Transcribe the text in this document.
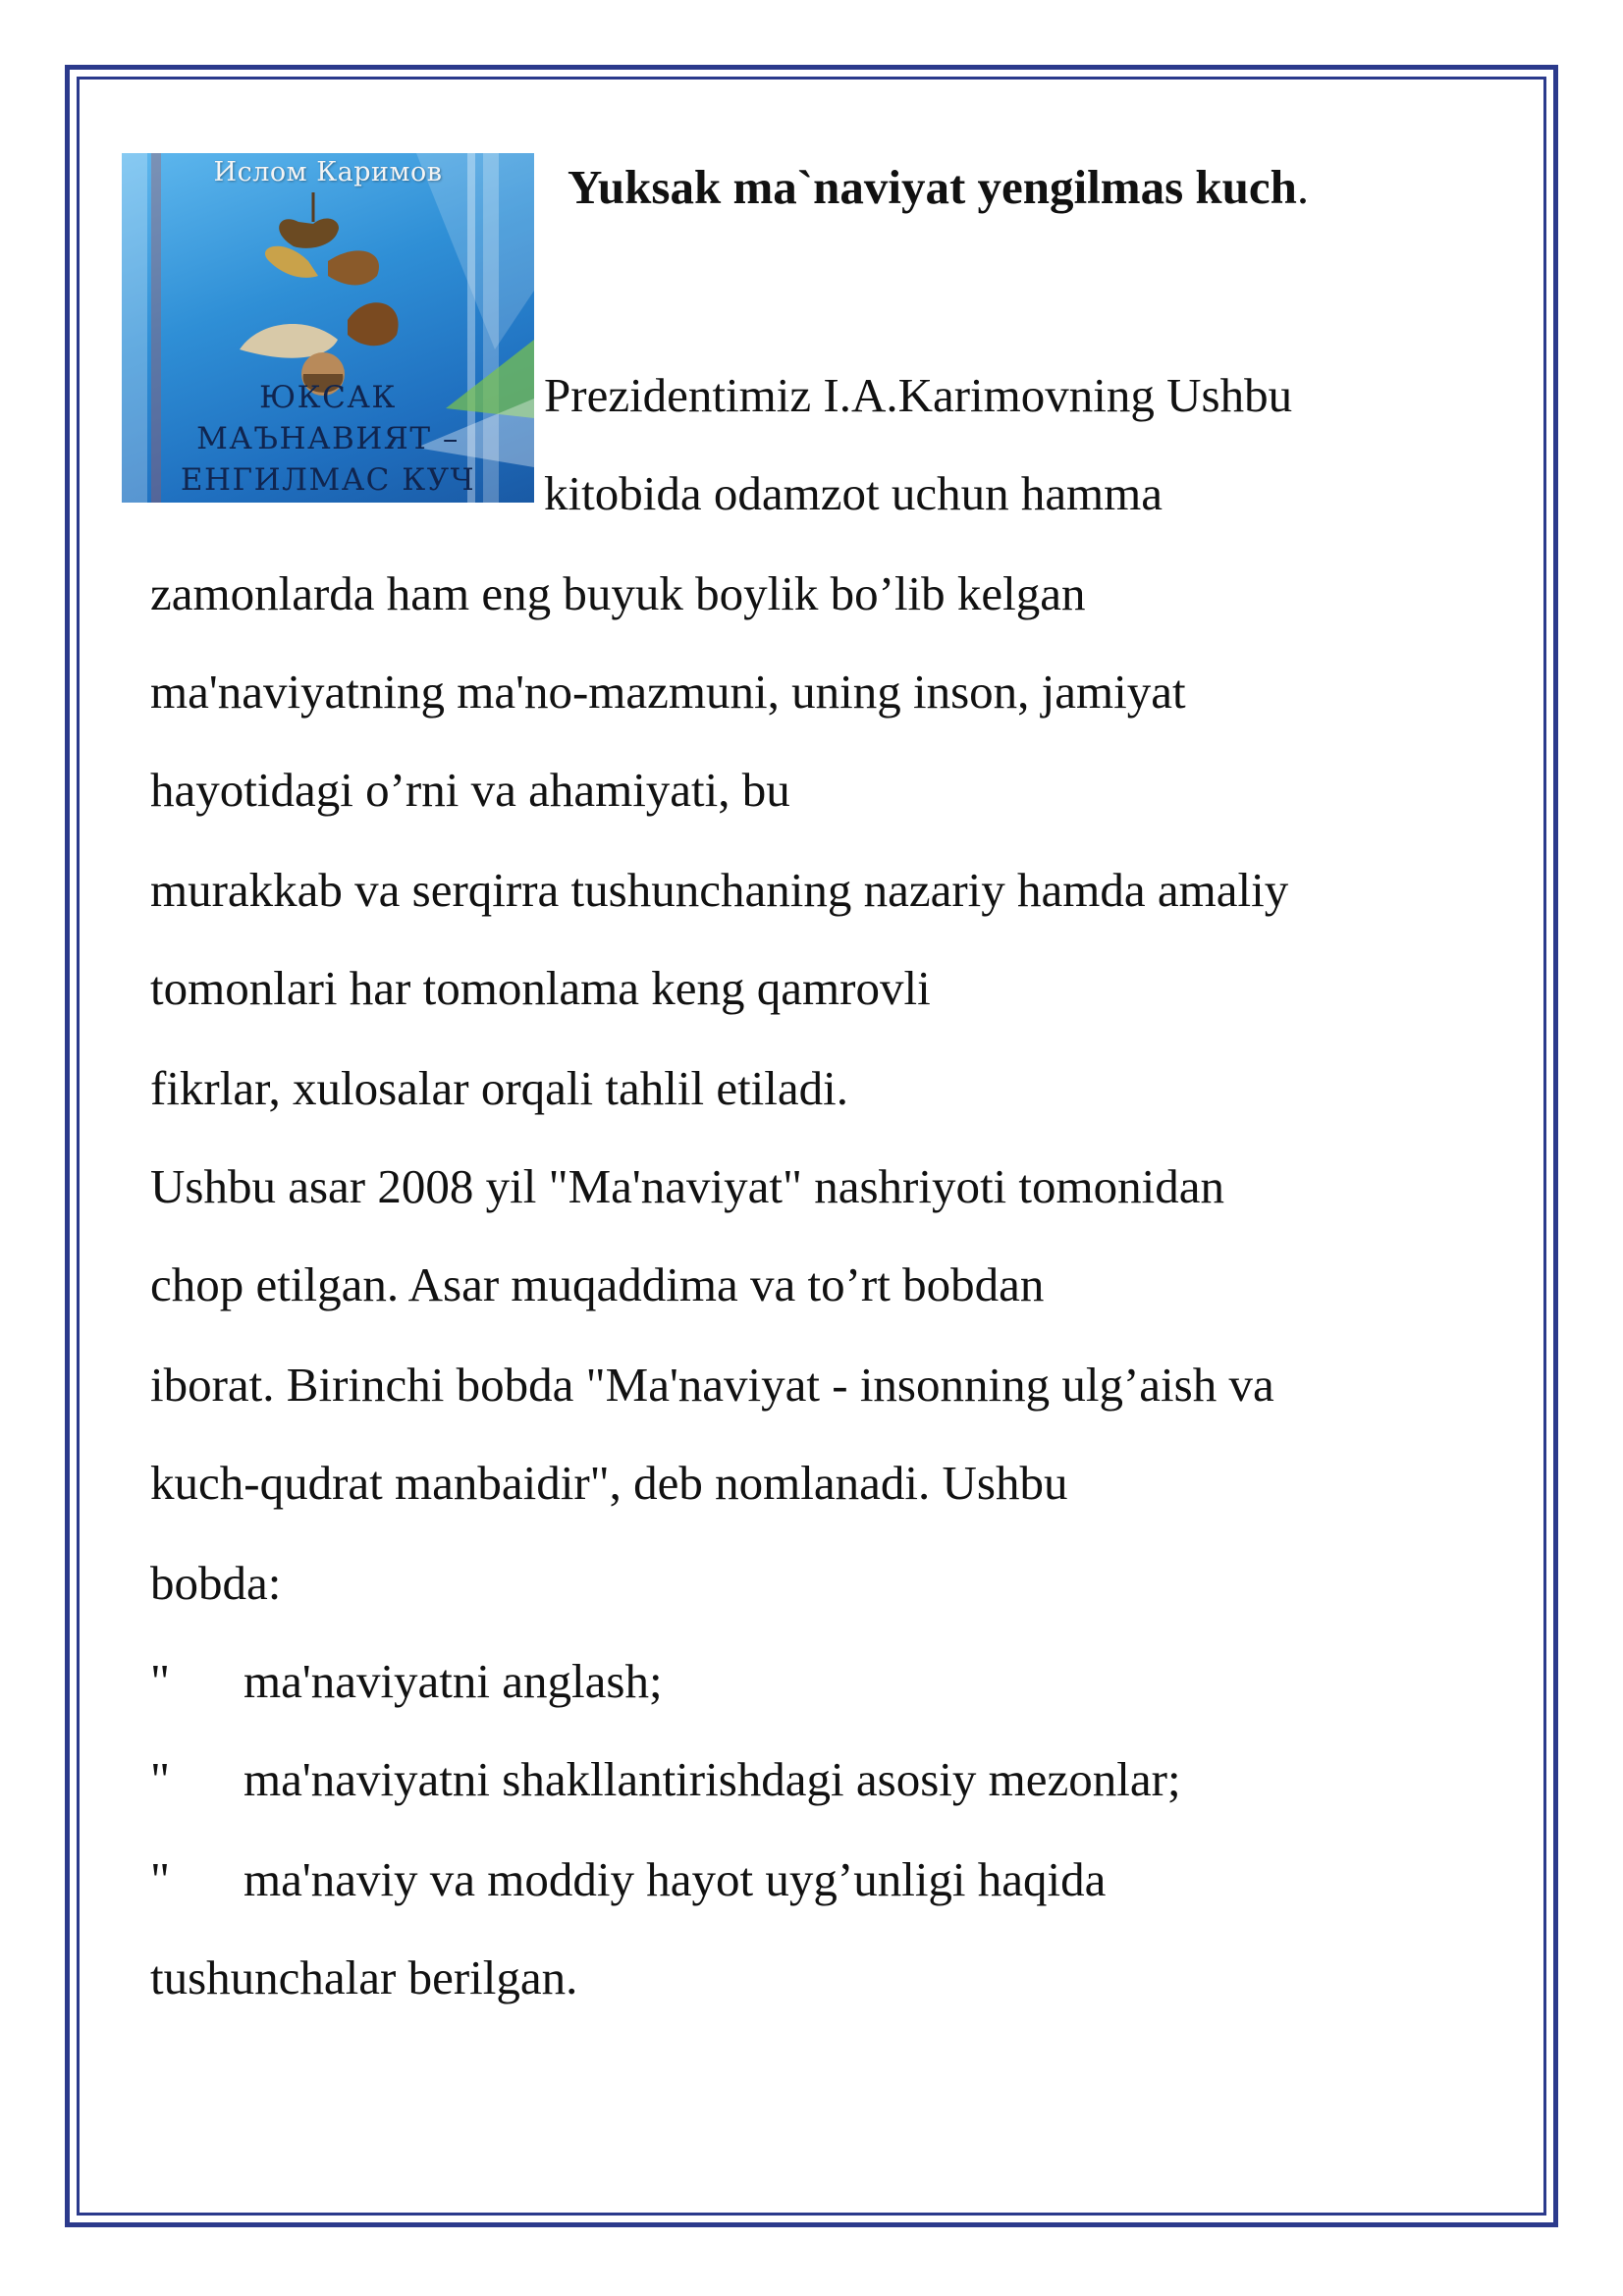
Ислом Каримов
ЮКСАК
МАЪНАВИЯТ –
ЕНГИЛМАС КУЧ
Yuksak ma`naviyat yengilmas kuch.
Prezidentimiz I.A.Karimovning Ushbu
kitobida odamzot uchun hamma
zamonlarda ham eng buyuk boylik bo’lib kelgan
ma'naviyatning ma'no-mazmuni, uning inson, jamiyat
hayotidagi o’rni va ahamiyati, bu
murakkab va serqirra tushunchaning nazariy hamda amaliy
tomonlari har tomonlama keng qamrovli
fikrlar, xulosalar orqali tahlil etiladi.
Ushbu asar 2008 yil "Ma'naviyat" nashriyoti tomonidan
chop etilgan. Asar muqaddima va to’rt bobdan
iborat. Birinchi bobda "Ma'naviyat - insonning ulg’aish va
kuch-qudrat manbaidir", deb nomlanadi. Ushbu
bobda:
" ma'naviyatni anglash;
" ma'naviyatni shakllantirishdagi asosiy mezonlar;
" ma'naviy va moddiy hayot uyg’unligi haqida
tushunchalar berilgan.
